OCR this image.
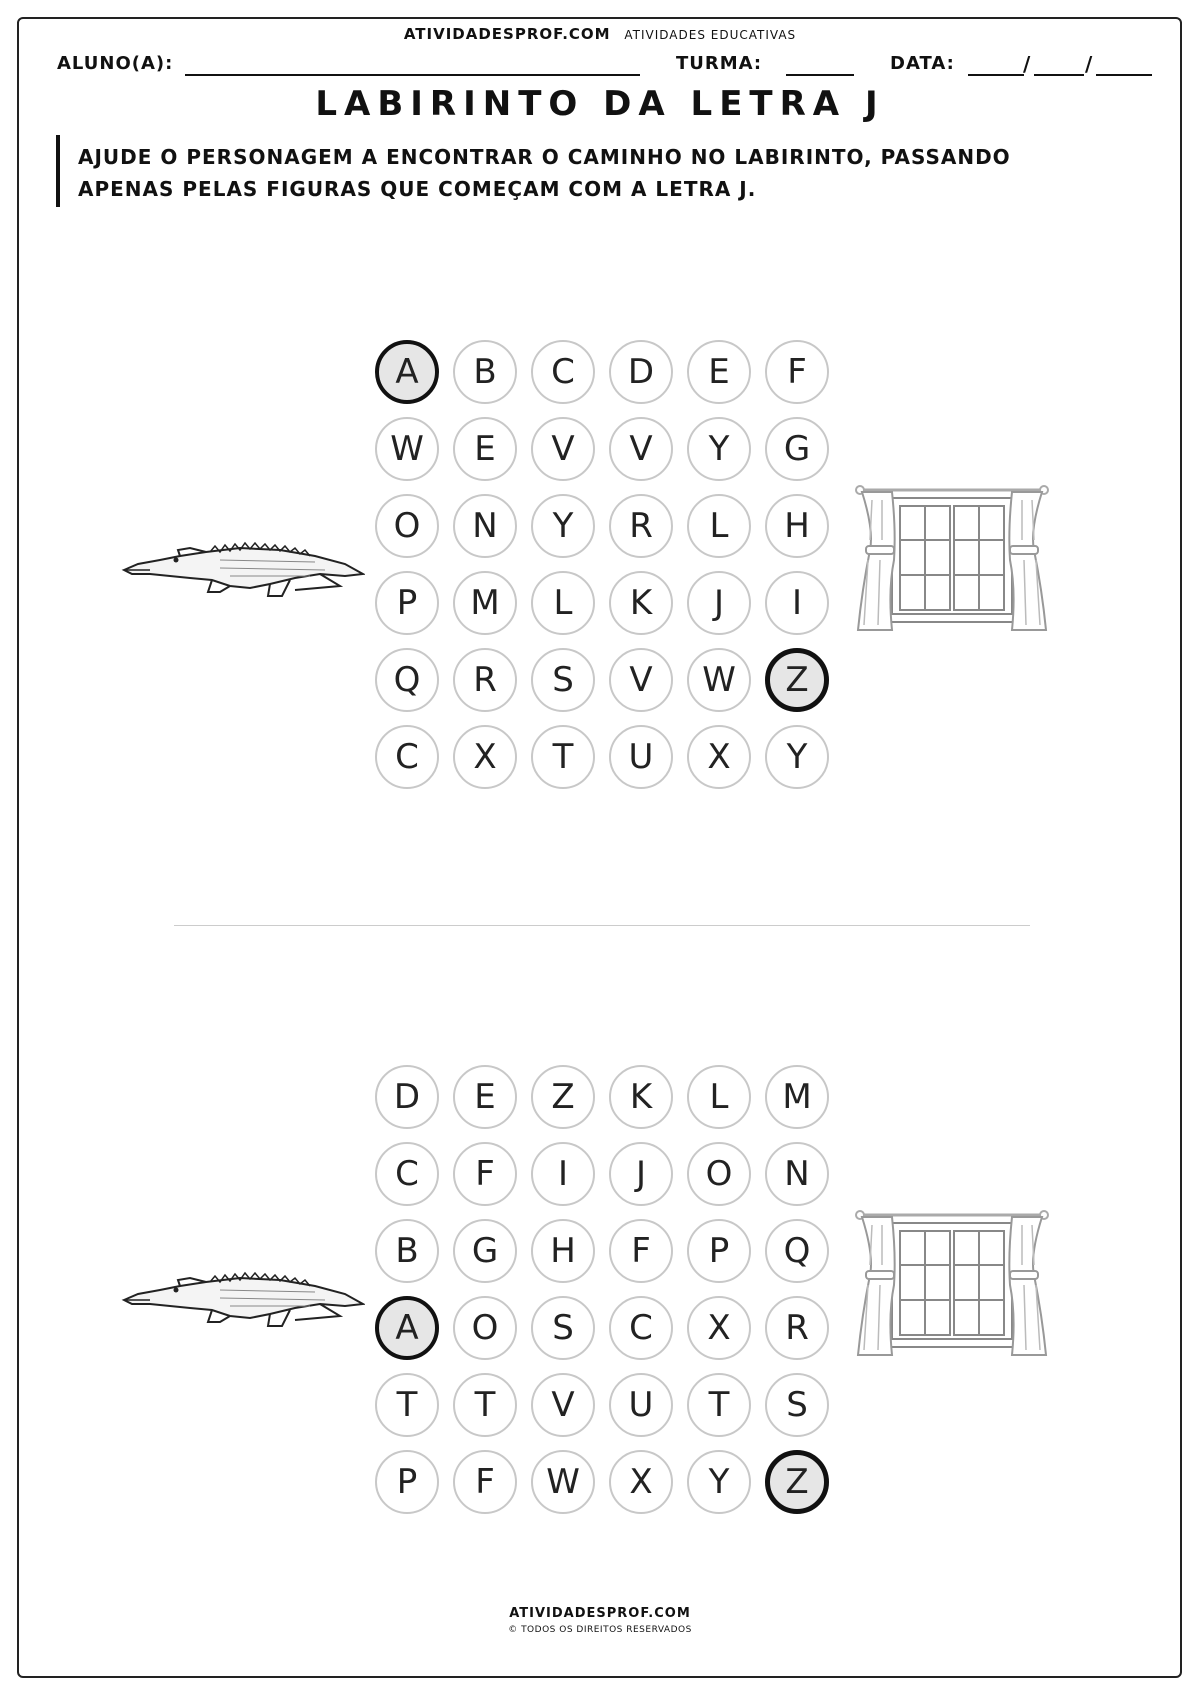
ATIVIDADESPROF.COM ATIVIDADES EDUCATIVAS
ALUNO(A):	TURMA:	DATA:	/	/
LABIRINTO DA LETRA J
AJUDE O PERSONAGEM A ENCONTRAR O CAMINHO NO LABIRINTO, PASSANDO APENAS PELAS FIGURAS QUE COMEÇAM COM A LETRA J.
A	B	C	D	E	F
W	E	V	V	Y	G
O	N	Y	R	L	H
P	M	L	K	J	I
Q	R	S	V	W	Z
C	X	T	U	X	Y
D	E	Z	K	L	M
C	F	I	J	O	N
B	G	H	F	P	Q
A	O	S	C	X	R
T	T	V	U	T	S
P	F	W	X	Y	Z
ATIVIDADESPROF.COM
© TODOS OS DIREITOS RESERVADOS
